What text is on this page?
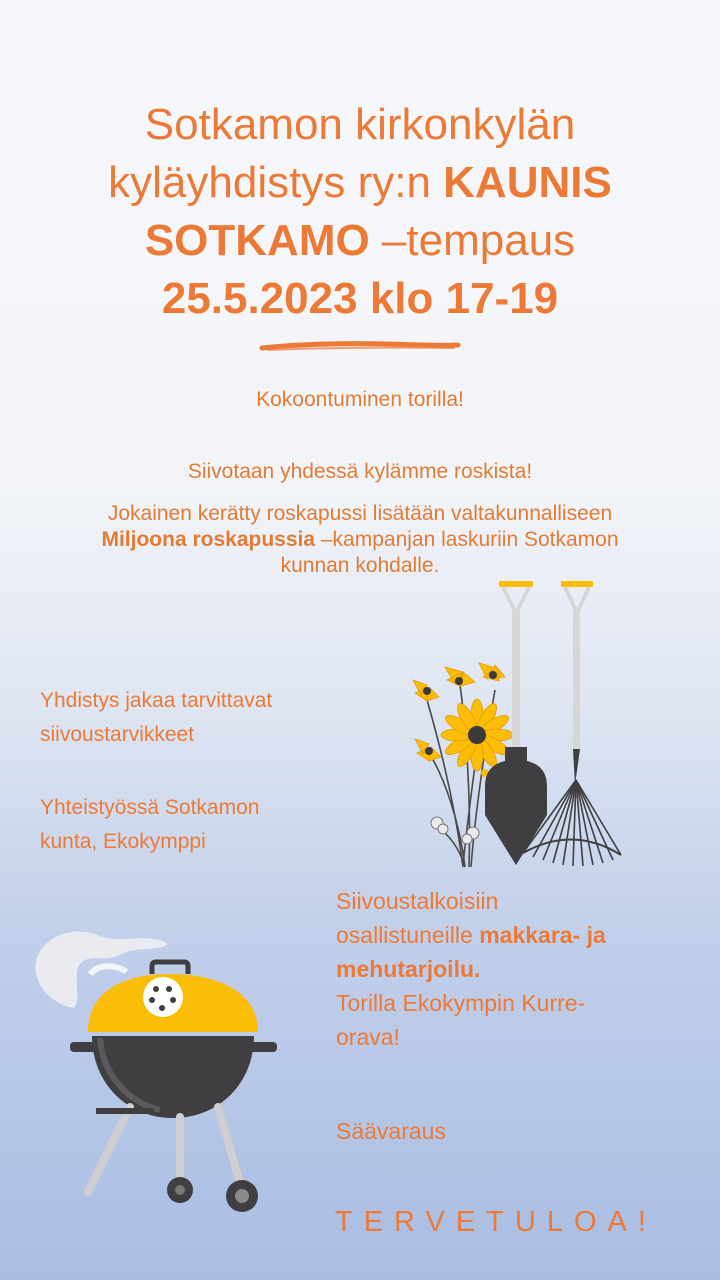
Sotkamon kirkonkylän
kyläyhdistys ry:n KAUNIS
SOTKAMO –tempaus
25.5.2023 klo 17-19
Kokoontuminen torilla!
Siivotaan yhdessä kylämme roskista!
Jokainen kerätty roskapussi lisätään valtakunnalliseen
Miljoona roskapussia –kampanjan laskuriin Sotkamon
kunnan kohdalle.
Yhdistys jakaa tarvittavat
siivoustarvikkeet
Yhteistyössä Sotkamon
kunta, Ekokymppi
Siivoustalkoisiin
osallistuneille makkara- ja
mehutarjoilu.
Torilla Ekokympin Kurre-
orava!
Säävaraus
TERVETULOA!
